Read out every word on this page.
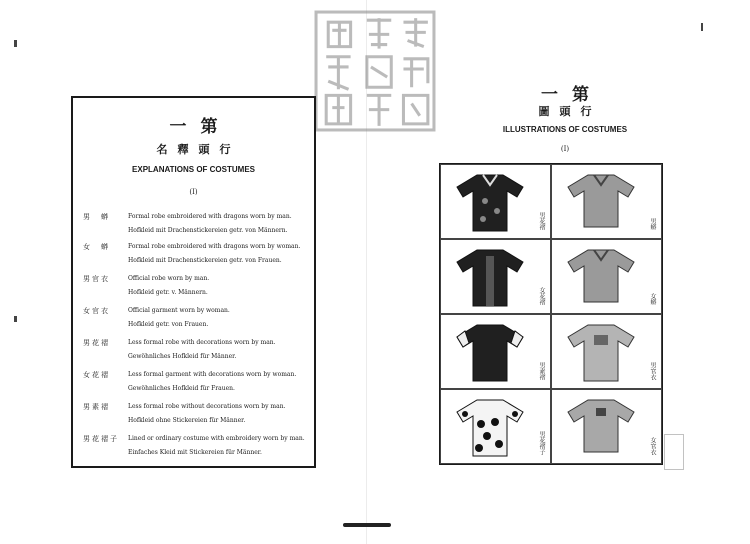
一第
名釋頭行
EXPLANATIONS OF COSTUMES
(I)
男　蟒	Formal robe embroidered with dragons worn by man.
Hofkleid mit Drachenstickereien getr. von Männern.
女　蟒	Formal robe embroidered with dragons worn by woman.
Hofkleid mit Drachenstickereien getr. von Frauen.
男官衣	Official robe worn by man.
Hofkleid getr. v. Männern.
女官衣	Official garment worn by woman.
Hofkleid getr. von Frauen.
男花褶	Less formal robe with decorations worn by man.
Gewöhnliches Hofkleid für Männer.
女花褶	Less formal garment with decorations worn by woman.
Gewöhnliches Hofkleid für Frauen.
男素褶	Less formal robe without decorations worn by man.
Hofkleid ohne Stickereien für Männer.
男花褶子	Lined or ordinary costume with embroidery worn by man.
Einfaches Kleid mit Stickereien für Männer.
一第
圖頭行
ILLUSTRATIONS OF COSTUMES
(I)
男花褶	男蟒
女花褶	女蟒
男素褶	男官衣
男花褶子	女官衣
